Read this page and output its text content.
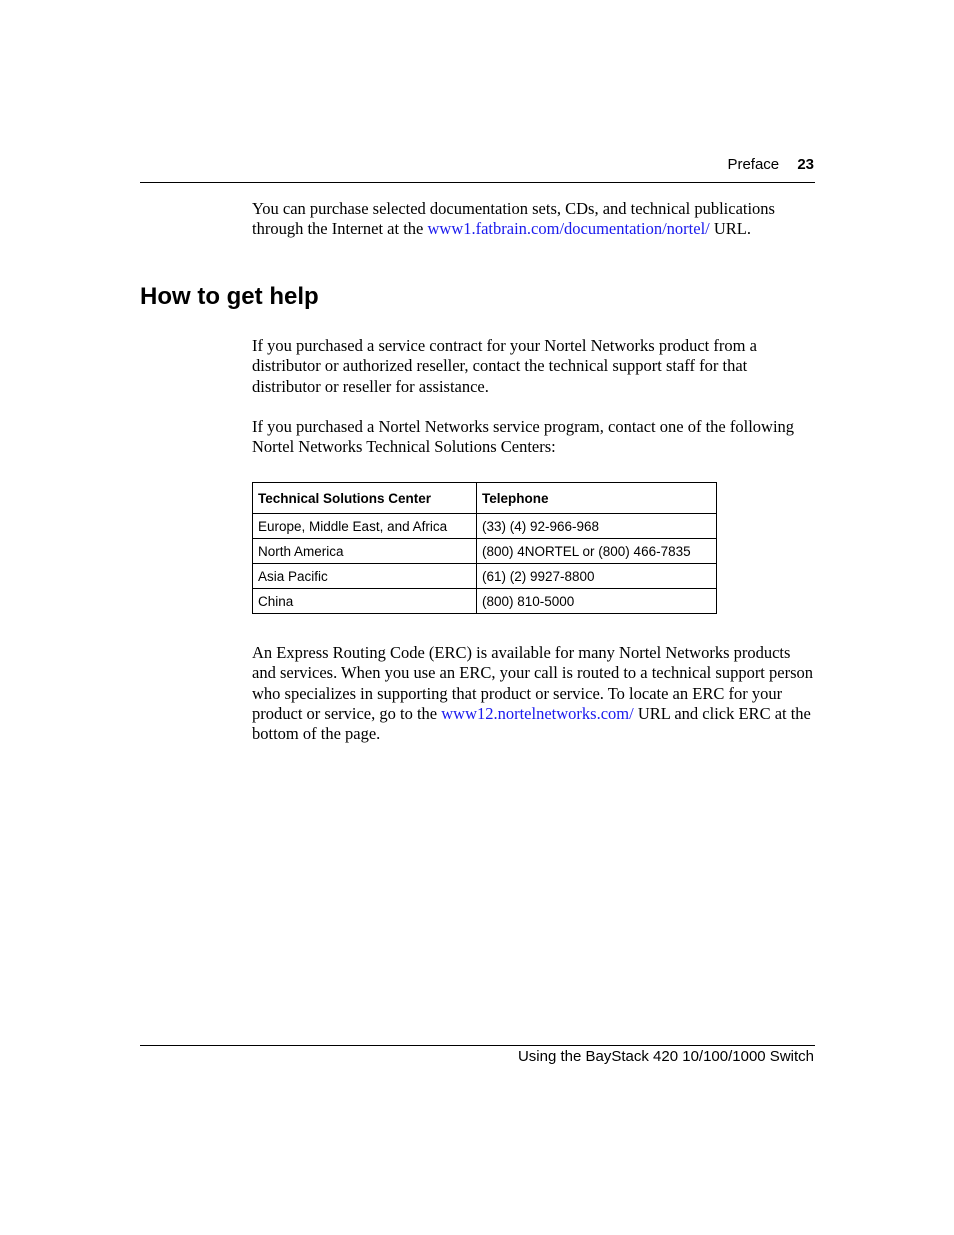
Preface 23

You can purchase selected documentation sets, CDs, and technical publications through the Internet at the www1.fatbrain.com/documentation/nortel/ URL.

How to get help

If you purchased a service contract for your Nortel Networks product from a distributor or authorized reseller, contact the technical support staff for that distributor or reseller for assistance.

If you purchased a Nortel Networks service program, contact one of the following Nortel Networks Technical Solutions Centers:

Technical Solutions Center	Telephone
Europe, Middle East, and Africa	(33) (4) 92-966-968
North America	(800) 4NORTEL or (800) 466-7835
Asia Pacific	(61) (2) 9927-8800
China	(800) 810-5000

An Express Routing Code (ERC) is available for many Nortel Networks products and services. When you use an ERC, your call is routed to a technical support person who specializes in supporting that product or service. To locate an ERC for your product or service, go to the www12.nortelnetworks.com/ URL and click ERC at the bottom of the page.

Using the BayStack 420 10/100/1000 Switch
